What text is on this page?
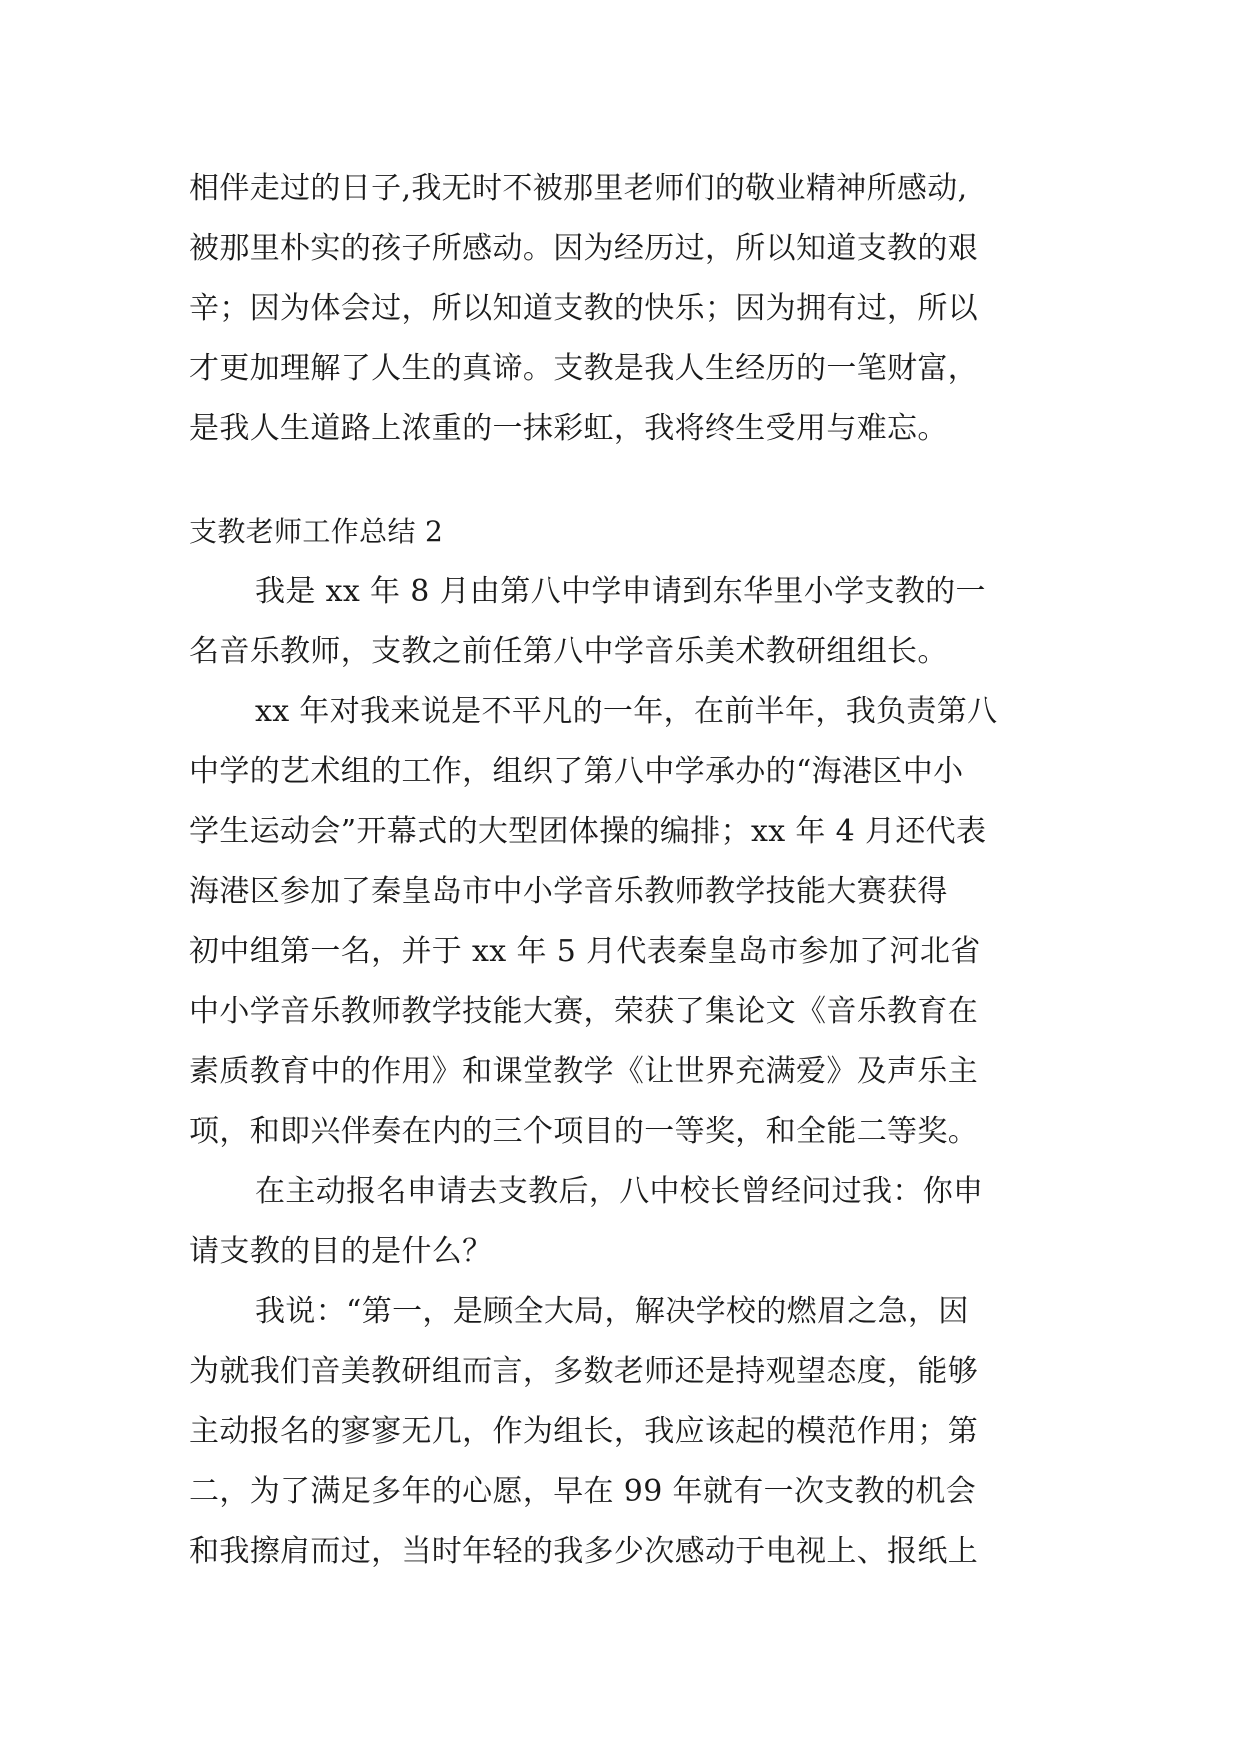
相伴走过的日子,我无时不被那里老师们的敬业精神所感动,
被那里朴实的孩子所感动。因为经历过，所以知道支教的艰
辛；因为体会过，所以知道支教的快乐；因为拥有过，所以
才更加理解了人生的真谛。支教是我人生经历的一笔财富，
是我人生道路上浓重的一抹彩虹，我将终生受用与难忘。
支教老师工作总结 2
我是 xx 年 8 月由第八中学申请到东华里小学支教的一
名音乐教师，支教之前任第八中学音乐美术教研组组长。
xx 年对我来说是不平凡的一年，在前半年，我负责第八
中学的艺术组的工作，组织了第八中学承办的“海港区中小
学生运动会”开幕式的大型团体操的编排；xx 年 4 月还代表
海港区参加了秦皇岛市中小学音乐教师教学技能大赛获得
初中组第一名，并于 xx 年 5 月代表秦皇岛市参加了河北省
中小学音乐教师教学技能大赛，荣获了集论文《音乐教育在
素质教育中的作用》和课堂教学《让世界充满爱》及声乐主
项，和即兴伴奏在内的三个项目的一等奖，和全能二等奖。
在主动报名申请去支教后，八中校长曾经问过我：你申
请支教的目的是什么？
我说：“第一，是顾全大局，解决学校的燃眉之急，因
为就我们音美教研组而言，多数老师还是持观望态度，能够
主动报名的寥寥无几，作为组长，我应该起的模范作用；第
二，为了满足多年的心愿，早在 99 年就有一次支教的机会
和我擦肩而过，当时年轻的我多少次感动于电视上、报纸上
